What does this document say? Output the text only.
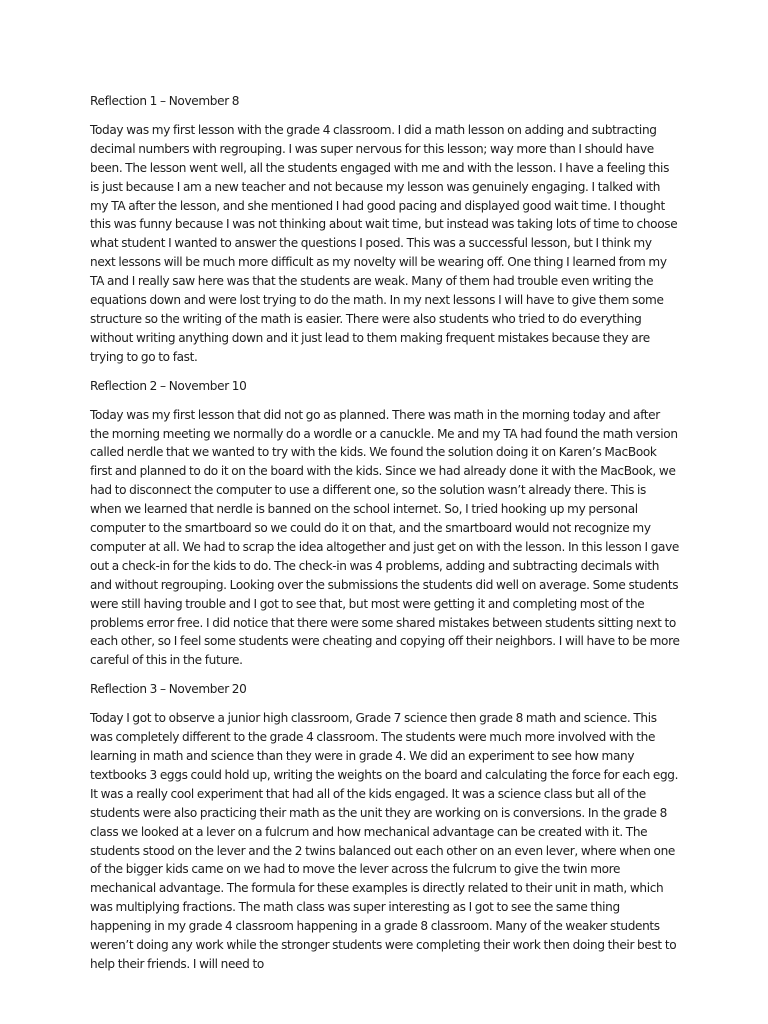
Reflection 1 – November 8
Today was my first lesson with the grade 4 classroom. I did a math lesson on adding and subtracting decimal numbers with regrouping. I was super nervous for this lesson; way more than I should have been. The lesson went well, all the students engaged with me and with the lesson. I have a feeling this is just because I am a new teacher and not because my lesson was genuinely engaging. I talked with my TA after the lesson, and she mentioned I had good pacing and displayed good wait time. I thought this was funny because I was not thinking about wait time, but instead was taking lots of time to choose what student I wanted to answer the questions I posed. This was a successful lesson, but I think my next lessons will be much more difficult as my novelty will be wearing off. One thing I learned from my TA and I really saw here was that the students are weak. Many of them had trouble even writing the equations down and were lost trying to do the math. In my next lessons I will have to give them some structure so the writing of the math is easier. There were also students who tried to do everything without writing anything down and it just lead to them making frequent mistakes because they are trying to go to fast.
Reflection 2 – November 10
Today was my first lesson that did not go as planned. There was math in the morning today and after the morning meeting we normally do a wordle or a canuckle. Me and my TA had found the math version called nerdle that we wanted to try with the kids. We found the solution doing it on Karen’s MacBook first and planned to do it on the board with the kids. Since we had already done it with the MacBook, we had to disconnect the computer to use a different one, so the solution wasn’t already there. This is when we learned that nerdle is banned on the school internet. So, I tried hooking up my personal computer to the smartboard so we could do it on that, and the smartboard would not recognize my computer at all. We had to scrap the idea altogether and just get on with the lesson. In this lesson I gave out a check-in for the kids to do. The check-in was 4 problems, adding and subtracting decimals with and without regrouping. Looking over the submissions the students did well on average. Some students were still having trouble and I got to see that, but most were getting it and completing most of the problems error free. I did notice that there were some shared mistakes between students sitting next to each other, so I feel some students were cheating and copying off their neighbors. I will have to be more careful of this in the future.
Reflection 3 – November 20
Today I got to observe a junior high classroom, Grade 7 science then grade 8 math and science. This was completely different to the grade 4 classroom. The students were much more involved with the learning in math and science than they were in grade 4. We did an experiment to see how many textbooks 3 eggs could hold up, writing the weights on the board and calculating the force for each egg. It was a really cool experiment that had all of the kids engaged. It was a science class but all of the students were also practicing their math as the unit they are working on is conversions. In the grade 8 class we looked at a lever on a fulcrum and how mechanical advantage can be created with it. The students stood on the lever and the 2 twins balanced out each other on an even lever, where when one of the bigger kids came on we had to move the lever across the fulcrum to give the twin more mechanical advantage. The formula for these examples is directly related to their unit in math, which was multiplying fractions. The math class was super interesting as I got to see the same thing happening in my grade 4 classroom happening in a grade 8 classroom. Many of the weaker students weren’t doing any work while the stronger students were completing their work then doing their best to help their friends. I will need to
